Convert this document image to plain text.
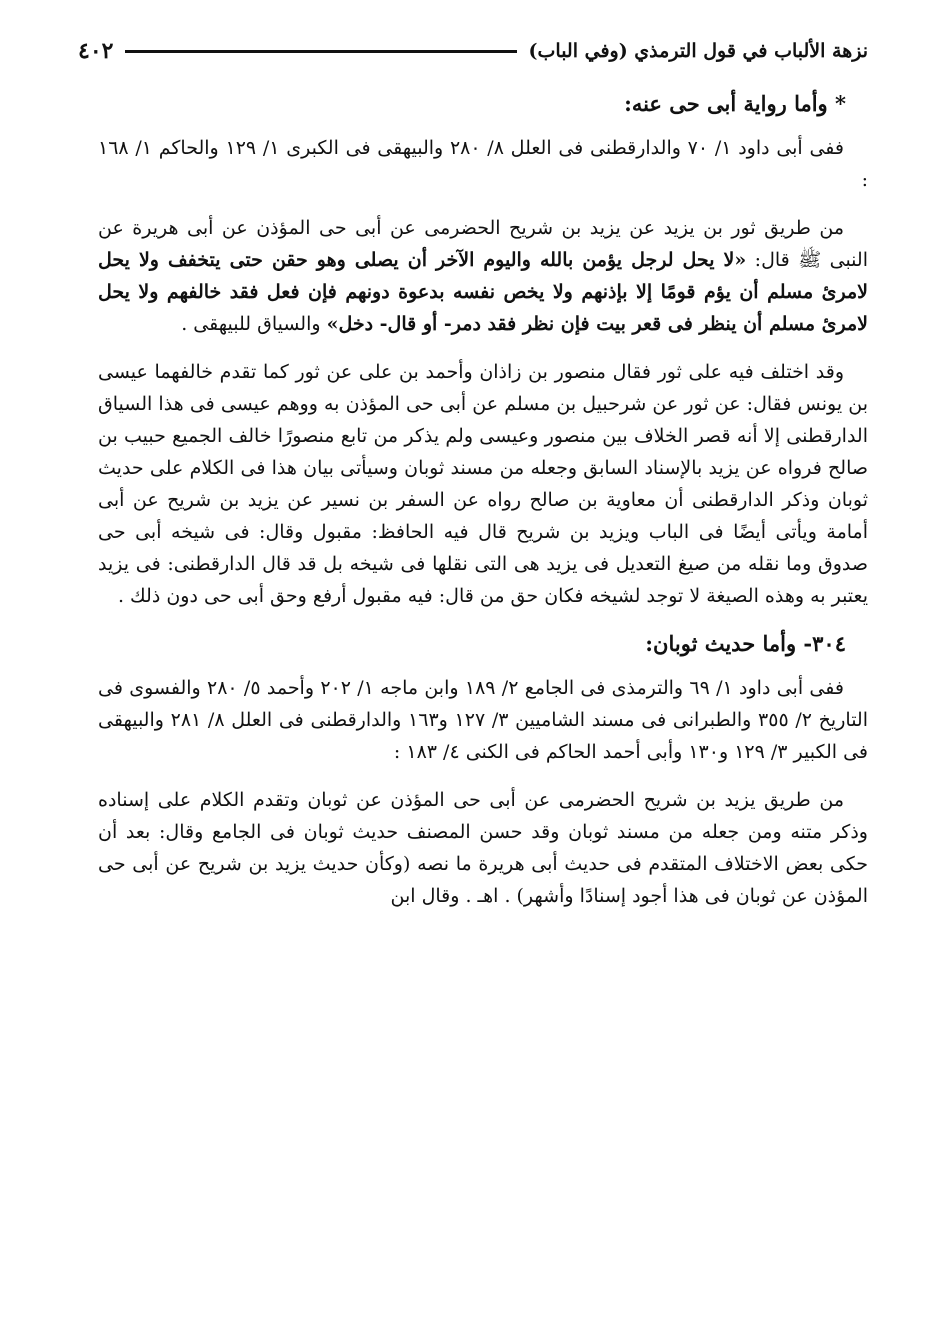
٤٠٢	نزهة الألباب في قول الترمذي (وفي الباب)
* وأما رواية أبى حى عنه:

ففى أبى داود ١/ ٧٠ والدارقطنى فى العلل ٨/ ٢٨٠ والبيهقى فى الكبرى ١/ ١٢٩ والحاكم ١/ ١٦٨ :

من طريق ثور بن يزيد عن يزيد بن شريح الحضرمى عن أبى حى المؤذن عن أبى هريرة عن النبى ﷺ قال: «لا يحل لرجل يؤمن بالله واليوم الآخر أن يصلى وهو حقن حتى يتخفف ولا يحل لامرئ مسلم أن يؤم قومًا إلا بإذنهم ولا يخص نفسه بدعوة دونهم فإن فعل فقد خالفهم ولا يحل لامرئ مسلم أن ينظر فى قعر بيت فإن نظر فقد دمر- أو قال- دخل» والسياق للبيهقى .

وقد اختلف فيه على ثور فقال منصور بن زاذان وأحمد بن على عن ثور كما تقدم خالفهما عيسى بن يونس فقال: عن ثور عن شرحبيل بن مسلم عن أبى حى المؤذن به ووهم عيسى فى هذا السياق الدارقطنى إلا أنه قصر الخلاف بين منصور وعيسى ولم يذكر من تابع منصورًا خالف الجميع حبيب بن صالح فرواه عن يزيد بالإسناد السابق وجعله من مسند ثوبان وسيأتى بيان هذا فى الكلام على حديث ثوبان وذكر الدارقطنى أن معاوية بن صالح رواه عن السفر بن نسير عن يزيد بن شريح عن أبى أمامة ويأتى أيضًا فى الباب ويزيد بن شريح قال فيه الحافظ: مقبول وقال: فى شيخه أبى حى صدوق وما نقله من صيغ التعديل فى يزيد هى التى نقلها فى شيخه بل قد قال الدارقطنى: فى يزيد يعتبر به وهذه الصيغة لا توجد لشيخه فكان حق من قال: فيه مقبول أرفع وحق أبى حى دون ذلك .

٣٠٤- وأما حديث ثوبان:

ففى أبى داود ١/ ٦٩ والترمذى فى الجامع ٢/ ١٨٩ وابن ماجه ١/ ٢٠٢ وأحمد ٥/ ٢٨٠ والفسوى فى التاريخ ٢/ ٣٥٥ والطبرانى فى مسند الشاميين ٣/ ١٢٧ و١٦٣ والدارقطنى فى العلل ٨/ ٢٨١ والبيهقى فى الكبير ٣/ ١٢٩ و١٣٠ وأبى أحمد الحاكم فى الكنى ٤/ ١٨٣ :

من طريق يزيد بن شريح الحضرمى عن أبى حى المؤذن عن ثوبان وتقدم الكلام على إسناده وذكر متنه ومن جعله من مسند ثوبان وقد حسن المصنف حديث ثوبان فى الجامع وقال: بعد أن حكى بعض الاختلاف المتقدم فى حديث أبى هريرة ما نصه (وكأن حديث يزيد بن شريح عن أبى حى المؤذن عن ثوبان فى هذا أجود إسنادًا وأشهر) . اهـ . وقال ابن
